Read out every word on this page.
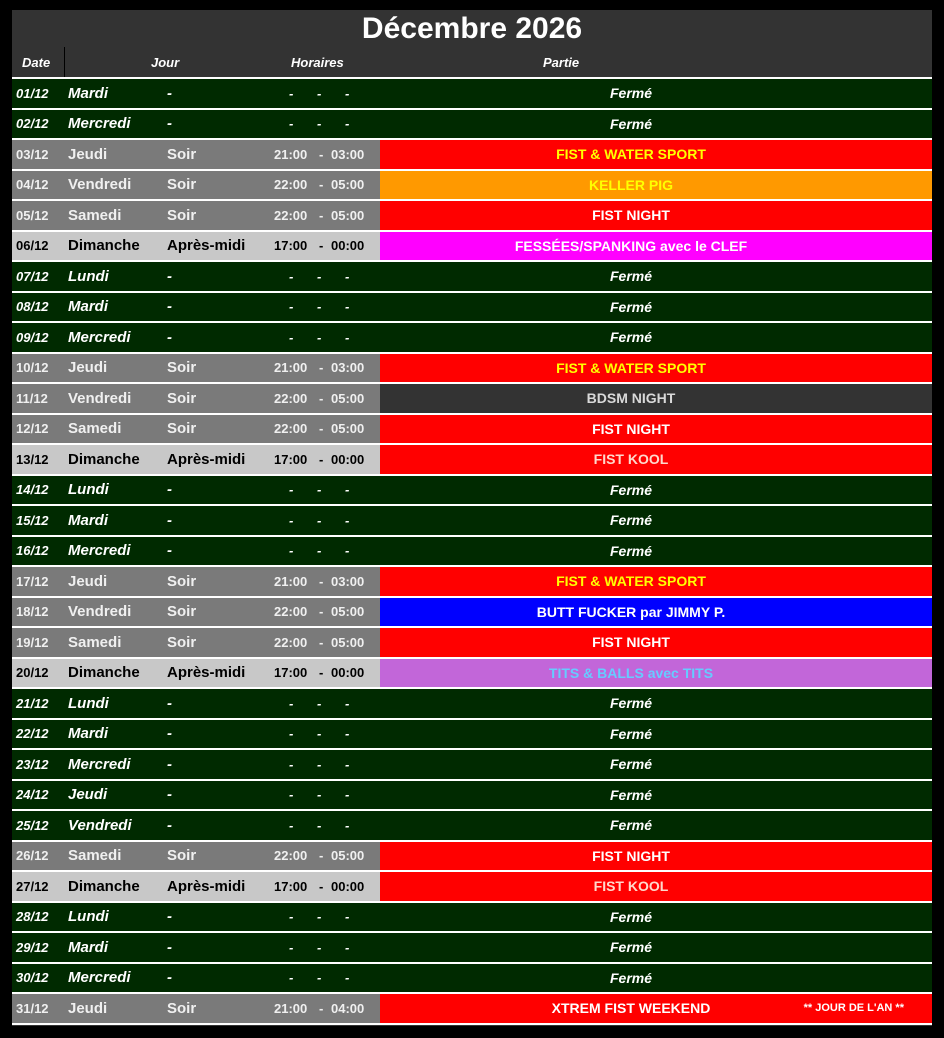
Décembre 2026
Date	Jour	Horaires	Partie
01/12 Mardi	-	- - -	Fermé
02/12 Mercredi -	- - -	Fermé
03/12 Jeudi	Soir	21:00 - 03:00	FIST & WATER SPORT
04/12 Vendredi Soir	22:00 - 05:00	KELLER PIG
05/12 Samedi	Soir	22:00 - 05:00	FIST NIGHT
06/12 Dimanche Après-midi 17:00 - 00:00	FESSÉES/SPANKING avec le CLEF
07/12 Lundi	-	- - -	Fermé
08/12 Mardi	-	- - -	Fermé
09/12 Mercredi -	- - -	Fermé
10/12 Jeudi	Soir	21:00 - 03:00	FIST & WATER SPORT
11/12 Vendredi Soir	22:00 - 05:00	BDSM NIGHT
12/12 Samedi	Soir	22:00 - 05:00	FIST NIGHT
13/12 Dimanche Après-midi 17:00 - 00:00	FIST KOOL
14/12 Lundi	-	- - -	Fermé
15/12 Mardi	-	- - -	Fermé
16/12 Mercredi -	- - -	Fermé
17/12 Jeudi	Soir	21:00 - 03:00	FIST & WATER SPORT
18/12 Vendredi Soir	22:00 - 05:00	BUTT FUCKER par JIMMY P.
19/12 Samedi	Soir	22:00 - 05:00	FIST NIGHT
20/12 Dimanche Après-midi 17:00 - 00:00	TITS & BALLS avec TITS
21/12 Lundi	-	- - -	Fermé
22/12 Mardi	-	- - -	Fermé
23/12 Mercredi -	- - -	Fermé
24/12 Jeudi	-	- - -	Fermé
25/12 Vendredi -	- - -	Fermé
26/12 Samedi	Soir	22:00 - 05:00	FIST NIGHT
27/12 Dimanche Après-midi 17:00 - 00:00	FIST KOOL
28/12 Lundi	-	- - -	Fermé
29/12 Mardi	-	- - -	Fermé
30/12 Mercredi -	- - -	Fermé
31/12 Jeudi	Soir	21:00 - 04:00	XTREM FIST WEEKEND	** JOUR DE L'AN **
